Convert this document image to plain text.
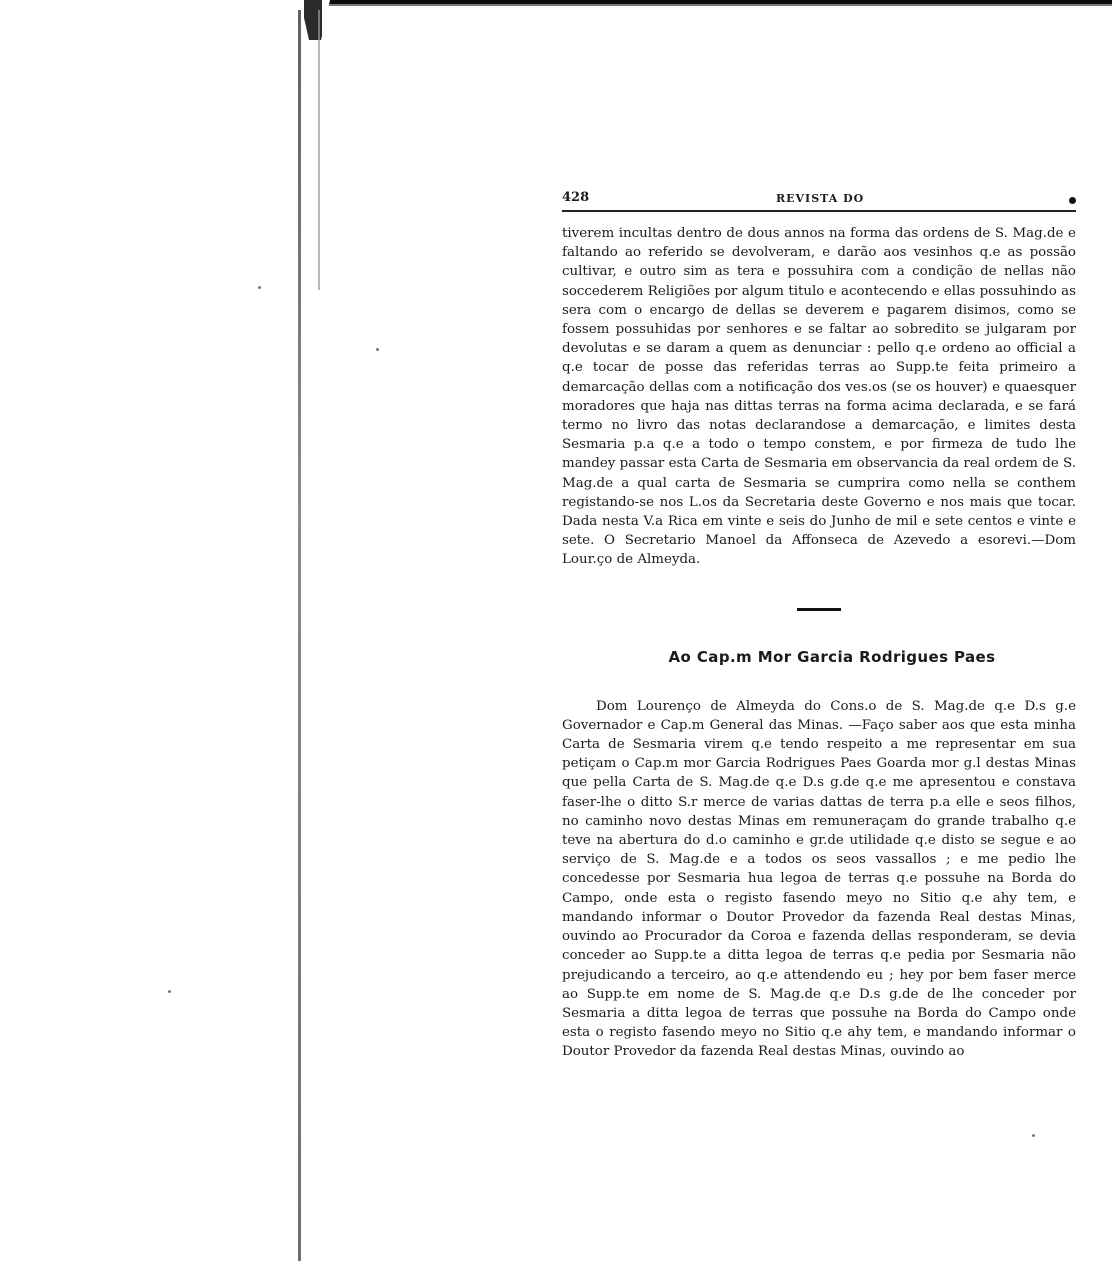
428	REVISTA DO

tiverem incultas dentro de dous annos na forma das ordens de S. Mag.de e faltando ao referido se devolveram, e darão aos vesinhos q.e as possão cultivar, e outro sim as tera e possuhira com a condição de nellas não soccederem Religiões por algum titulo e acontecendo e ellas possuhindo as sera com o encargo de dellas se deverem e pagarem disimos, como se fossem possuhidas por senhores e se faltar ao sobredito se julgaram por devolutas e se daram a quem as denunciar : pello q.e ordeno ao official a q.e tocar de posse das referidas terras ao Supp.te feita primeiro a demarcação dellas com a notificação dos ves.os (se os houver) e quaesquer moradores que haja nas dittas terras na forma acima declarada, e se fará termo no livro das notas declarandose a demarcação, e limites desta Sesmaria p.a q.e a todo o tempo constem, e por firmeza de tudo lhe mandey passar esta Carta de Sesmaria em observancia da real ordem de S. Mag.de a qual carta de Sesmaria se cumprira como nella se conthem registando-se nos L.os da Secretaria deste Governo e nos mais que tocar. Dada nesta V.a Rica em vinte e seis do Junho de mil e sete centos e vinte e sete. O Secretario Manoel da Affonseca de Azevedo a esorevi.—Dom Lour.ço de Almeyda.

Ao Cap.m Mor Garcia Rodrigues Paes

Dom Lourenço de Almeyda do Cons.o de S. Mag.de q.e D.s g.e Governador e Cap.m General das Minas. —Faço saber aos que esta minha Carta de Sesmaria virem q.e tendo respeito a me representar em sua petiçam o Cap.m mor Garcia Rodrigues Paes Goarda mor g.l destas Minas que pella Carta de S. Mag.de q.e D.s g.de q.e me apresentou e constava faser-lhe o ditto S.r merce de varias dattas de terra p.a elle e seos filhos, no caminho novo destas Minas em remuneraçam do grande trabalho q.e teve na abertura do d.o caminho e gr.de utilidade q.e disto se segue e ao serviço de S. Mag.de e a todos os seos vassallos ; e me pedio lhe concedesse por Sesmaria hua legoa de terras q.e possuhe na Borda do Campo, onde esta o registo fasendo meyo no Sitio q.e ahy tem, e mandando informar o Doutor Provedor da fazenda Real destas Minas, ouvindo ao Procurador da Coroa e fazenda dellas responderam, se devia conceder ao Supp.te a ditta legoa de terras q.e pedia por Sesmaria não prejudicando a terceiro, ao q.e attendendo eu ; hey por bem faser merce ao Supp.te em nome de S. Mag.de q.e D.s g.de de lhe conceder por Sesmaria a ditta legoa de terras que possuhe na Borda do Campo onde esta o registo fasendo meyo no Sitio q.e ahy tem, e mandando informar o Doutor Provedor da fazenda Real destas Minas, ouvindo ao
